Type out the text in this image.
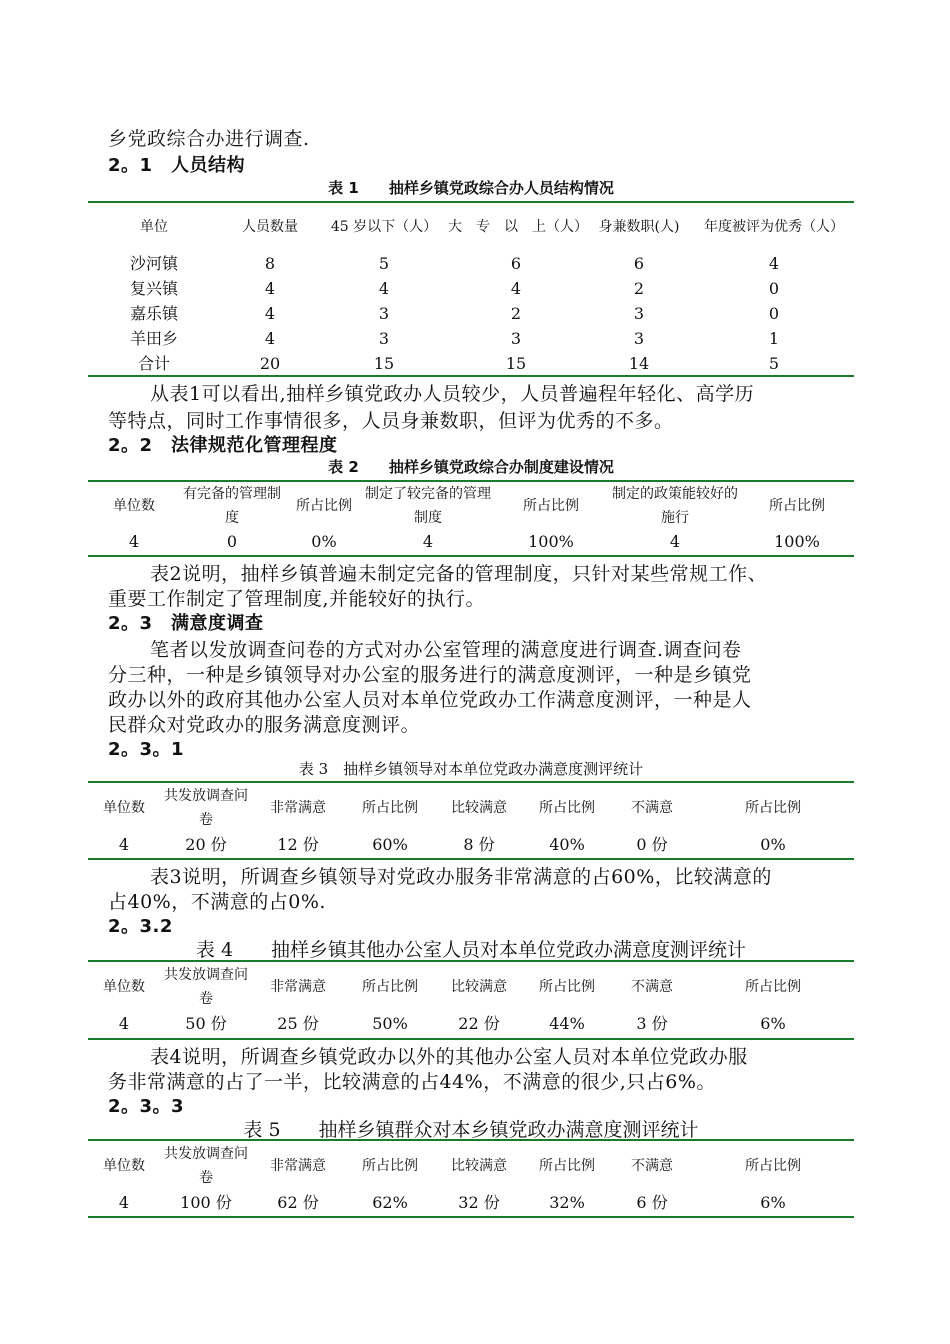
乡党政综合办进行调查.
2。1　人员结构
表 1　　抽样乡镇党政综合办人员结构情况
单位	人员数量	45 岁以下（人）	大　专　以　上（人）	身兼数职(人)	年度被评为优秀（人）
沙河镇	8	5	6	6	4
复兴镇	4	4	4	2	0
嘉乐镇	4	3	2	3	0
羊田乡	4	3	3	3	1
合计	20	15	15	14	5
从表1可以看出,抽样乡镇党政办人员较少，人员普遍程年轻化、高学历
等特点，同时工作事情很多，人员身兼数职，但评为优秀的不多。
2。2　法律规范化管理程度
表 2　　抽样乡镇党政综合办制度建设情况
单位数	有完备的管理制度	所占比例	制定了较完备的管理制度	所占比例	制定的政策能较好的施行	所占比例
4	0	0%	4	100%	4	100%
表2说明，抽样乡镇普遍未制定完备的管理制度，只针对某些常规工作、
重要工作制定了管理制度,并能较好的执行。
2。3　满意度调查
笔者以发放调查问卷的方式对办公室管理的满意度进行调查.调查问卷
分三种，一种是乡镇领导对办公室的服务进行的满意度测评，一种是乡镇党
政办以外的政府其他办公室人员对本单位党政办工作满意度测评，一种是人
民群众对党政办的服务满意度测评。
2。3。1
表 3　抽样乡镇领导对本单位党政办满意度测评统计
单位数	共发放调查问卷	非常满意	所占比例	比较满意	所占比例	不满意	所占比例
4	20 份	12 份	60%	8 份	40%	0 份	0%
表3说明，所调查乡镇领导对党政办服务非常满意的占60%，比较满意的
占40%，不满意的占0%.
2。3.2
表 4　　抽样乡镇其他办公室人员对本单位党政办满意度测评统计
单位数	共发放调查问卷	非常满意	所占比例	比较满意	所占比例	不满意	所占比例
4	50 份	25 份	50%	22 份	44%	3 份	6%
表4说明，所调查乡镇党政办以外的其他办公室人员对本单位党政办服
务非常满意的占了一半，比较满意的占44%，不满意的很少,只占6%。
2。3。3
表 5　　抽样乡镇群众对本乡镇党政办满意度测评统计
单位数	共发放调查问卷	非常满意	所占比例	比较满意	所占比例	不满意	所占比例
4	100 份	62 份	62%	32 份	32%	6 份	6%
